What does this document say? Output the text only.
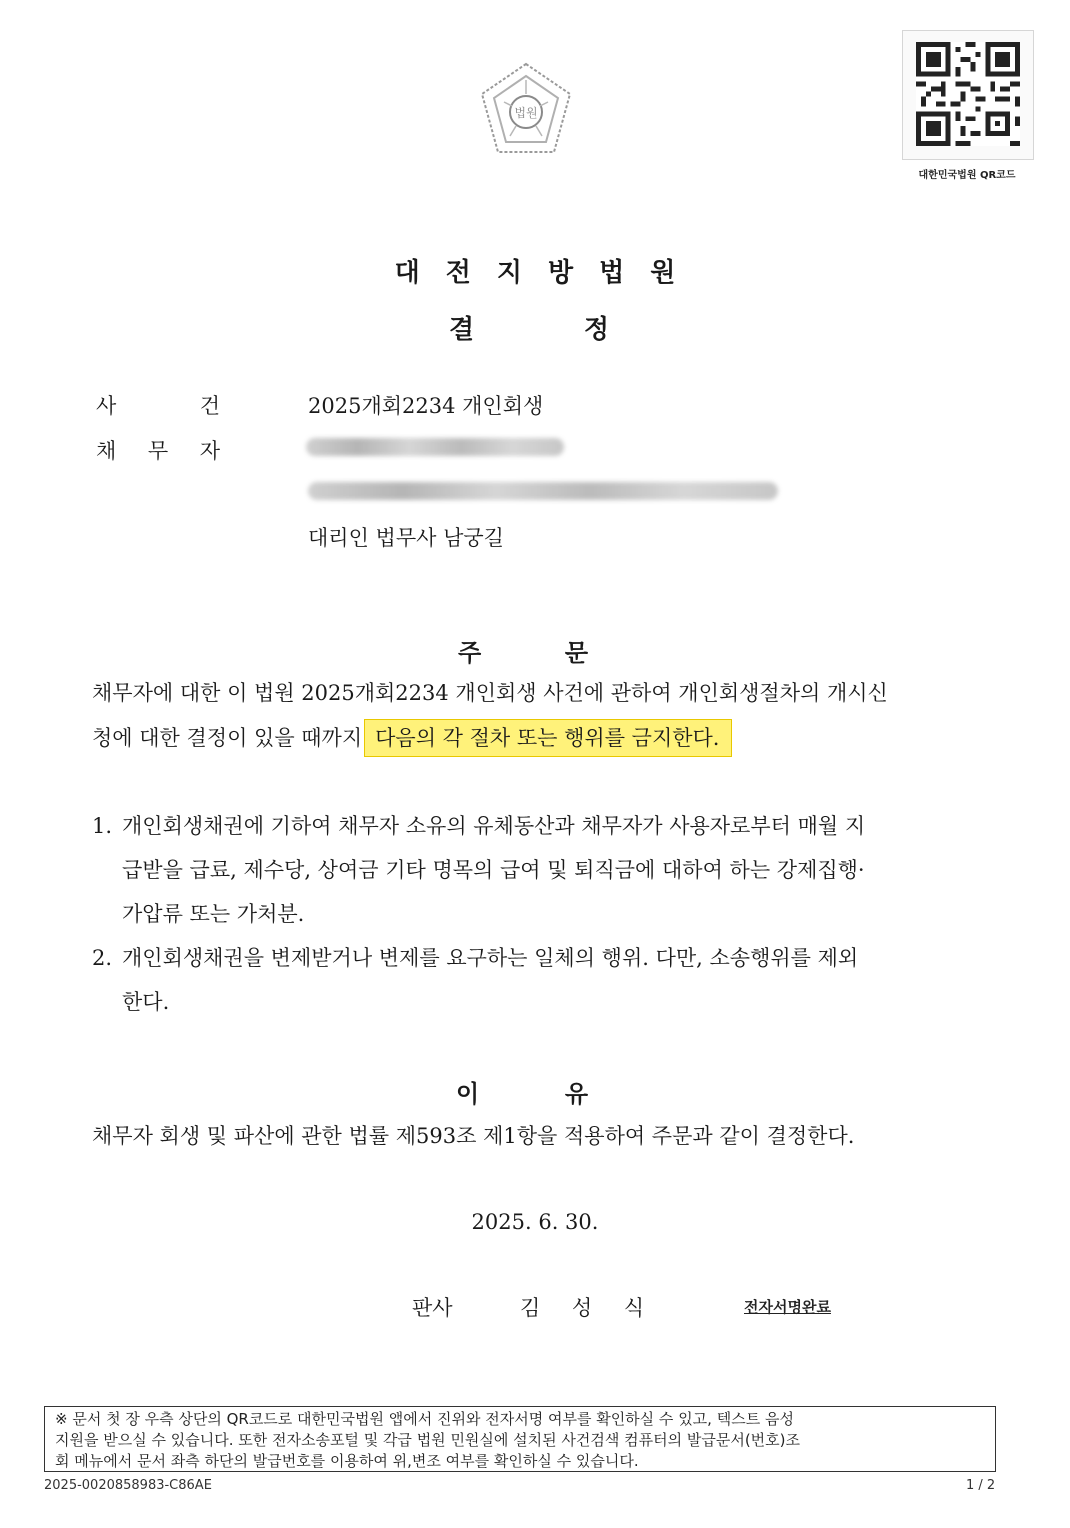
법원
대한민국법원 QR코드
대전지방법원
결	정
사	건	2025개회2234 개인회생
채 무 자
대리인 법무사 남궁길
주	문
채무자에 대한 이 법원 2025개회2234 개인회생 사건에 관하여 개인회생절차의 개시신
청에 대한 결정이 있을 때까지 다음의 각 절차 또는 행위를 금지한다.
1. 개인회생채권에 기하여 채무자 소유의 유체동산과 채무자가 사용자로부터 매월 지
급받을 급료, 제수당, 상여금 기타 명목의 급여 및 퇴직금에 대하여 하는 강제집행·
가압류 또는 가처분.
2. 개인회생채권을 변제받거나 변제를 요구하는 일체의 행위. 다만, 소송행위를 제외
한다.
이	유
채무자 회생 및 파산에 관한 법률 제593조 제1항을 적용하여 주문과 같이 결정한다.
2025. 6. 30.
판사	김 성 식	전자서명완료
※ 문서 첫 장 우측 상단의 QR코드로 대한민국법원 앱에서 진위와 전자서명 여부를 확인하실 수 있고, 텍스트 음성
지원을 받으실 수 있습니다. 또한 전자소송포털 및 각급 법원 민원실에 설치된 사건검색 컴퓨터의 발급문서(번호)조
회 메뉴에서 문서 좌측 하단의 발급번호를 이용하여 위,변조 여부를 확인하실 수 있습니다.
2025-0020858983-C86AE	1 / 2
